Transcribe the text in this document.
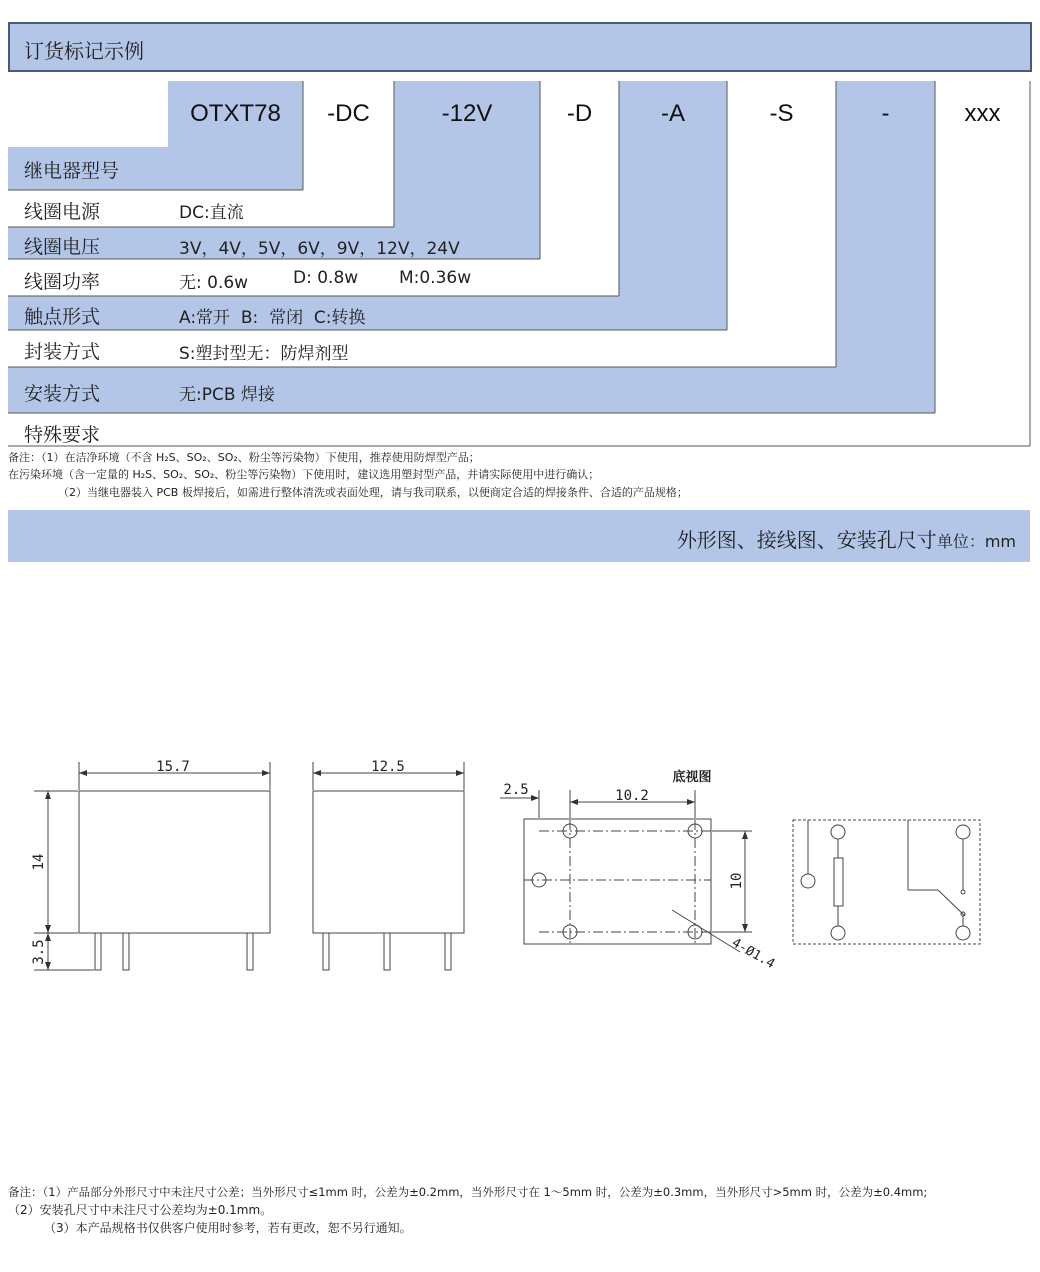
订货标记示例
OTXT78	-DC	-12V	-D	-A	-S	-	xxx
继电器型号
线圈电源	DC:直流
线圈电压	3V，4V，5V，6V，9V，12V，24V
线圈功率	无: 0.6w	D: 0.8w M:0.36w
触点形式	A:常开  B:  常闭  C:转换
封装方式	S:塑封型无：防焊剂型
安装方式	无:PCB 焊接
特殊要求
备注：（1）在洁净环境（不含 H₂S、SO₂、SO₂、粉尘等污染物）下使用，推荐使用防焊型产品；
在污染环境（含一定量的 H₂S、SO₂、SO₂、粉尘等污染物）下使用时，建议选用塑封型产品，并请实际使用中进行确认；
（2）当继电器装入 PCB 板焊接后，如需进行整体清洗或表面处理，请与我司联系，以便商定合适的焊接条件、合适的产品规格；
外形图、接线图、安装孔尺寸单位：mm
15.7	12.5
14
3.5
底视图
2.5	10.2
10
4-Ø1.4
备注：（1）产品部分外形尺寸中未注尺寸公差；当外形尺寸≤1mm 时，公差为±0.2mm，当外形尺寸在 1～5mm 时，公差为±0.3mm，当外形尺寸>5mm 时，公差为±0.4mm;
（2）安装孔尺寸中未注尺寸公差均为±0.1mm。
（3）本产品规格书仅供客户使用时参考，若有更改，恕不另行通知。
